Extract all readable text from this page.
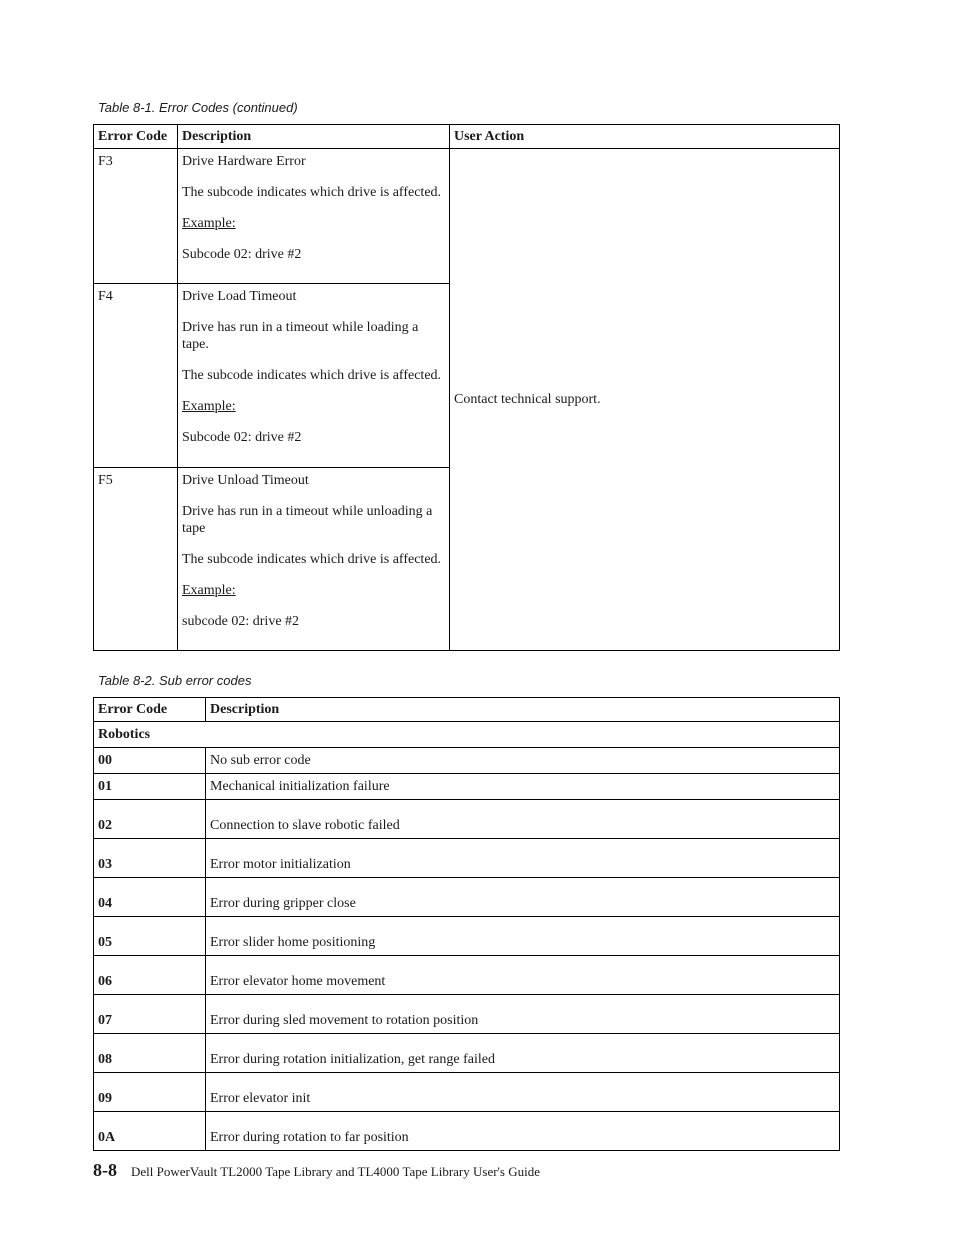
Table 8-1. Error Codes (continued)
Error Code	Description	User Action
F3	Drive Hardware Error

The subcode indicates which drive is affected.

Example:

Subcode 02: drive #2	Contact technical support.
F4	Drive Load Timeout

Drive has run in a timeout while loading a tape.

The subcode indicates which drive is affected.

Example:

Subcode 02: drive #2	

F5	Drive Unload Timeout

Drive has run in a timeout while unloading a tape

The subcode indicates which drive is affected.

Example:

subcode 02: drive #2	

Table 8-2. Sub error codes
Error Code	Description
Robotics	
00	No sub error code
01	Mechanical initialization failure
02	Connection to slave robotic failed
03	Error motor initialization
04	Error during gripper close
05	Error slider home positioning
06	Error elevator home movement
07	Error during sled movement to rotation position
08	Error during rotation initialization, get range failed
09	Error elevator init
0A	Error during rotation to far position
8-8 Dell PowerVault TL2000 Tape Library and TL4000 Tape Library User's Guide
